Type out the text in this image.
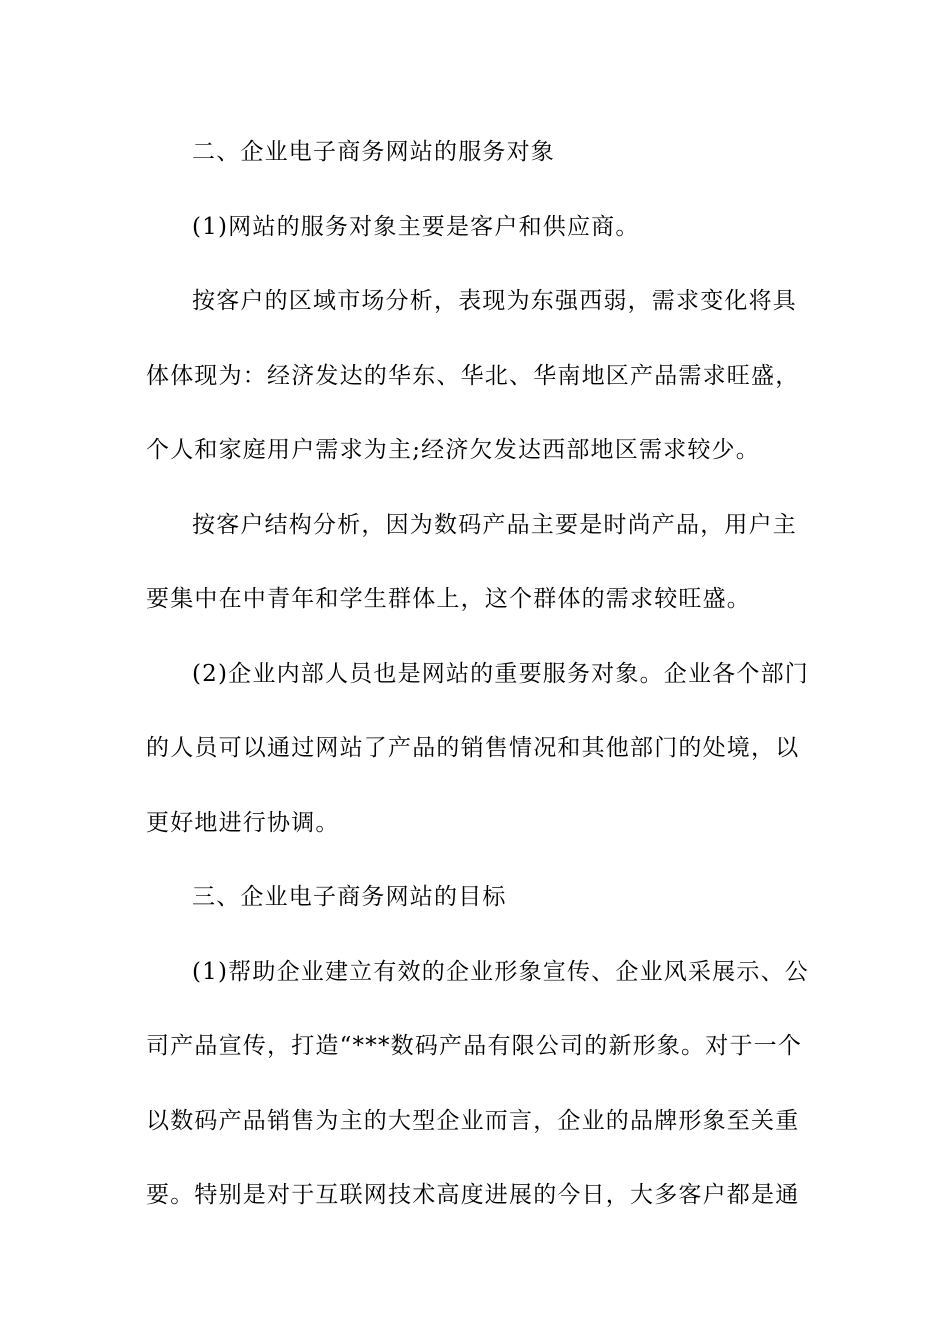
二、企业电子商务网站的服务对象
(1)网站的服务对象主要是客户和供应商。
按客户的区域市场分析，表现为东强西弱，需求变化将具
体体现为：经济发达的华东、华北、华南地区产品需求旺盛，
个人和家庭用户需求为主;经济欠发达西部地区需求较少。
按客户结构分析，因为数码产品主要是时尚产品，用户主
要集中在中青年和学生群体上，这个群体的需求较旺盛。
(2)企业内部人员也是网站的重要服务对象。企业各个部门
的人员可以通过网站了产品的销售情况和其他部门的处境，以
更好地进行协调。
三、企业电子商务网站的目标
(1)帮助企业建立有效的企业形象宣传、企业风采展示、公
司产品宣传，打造“***数码产品有限公司的新形象。对于一个
以数码产品销售为主的大型企业而言，企业的品牌形象至关重
要。特别是对于互联网技术高度进展的今日，大多客户都是通
